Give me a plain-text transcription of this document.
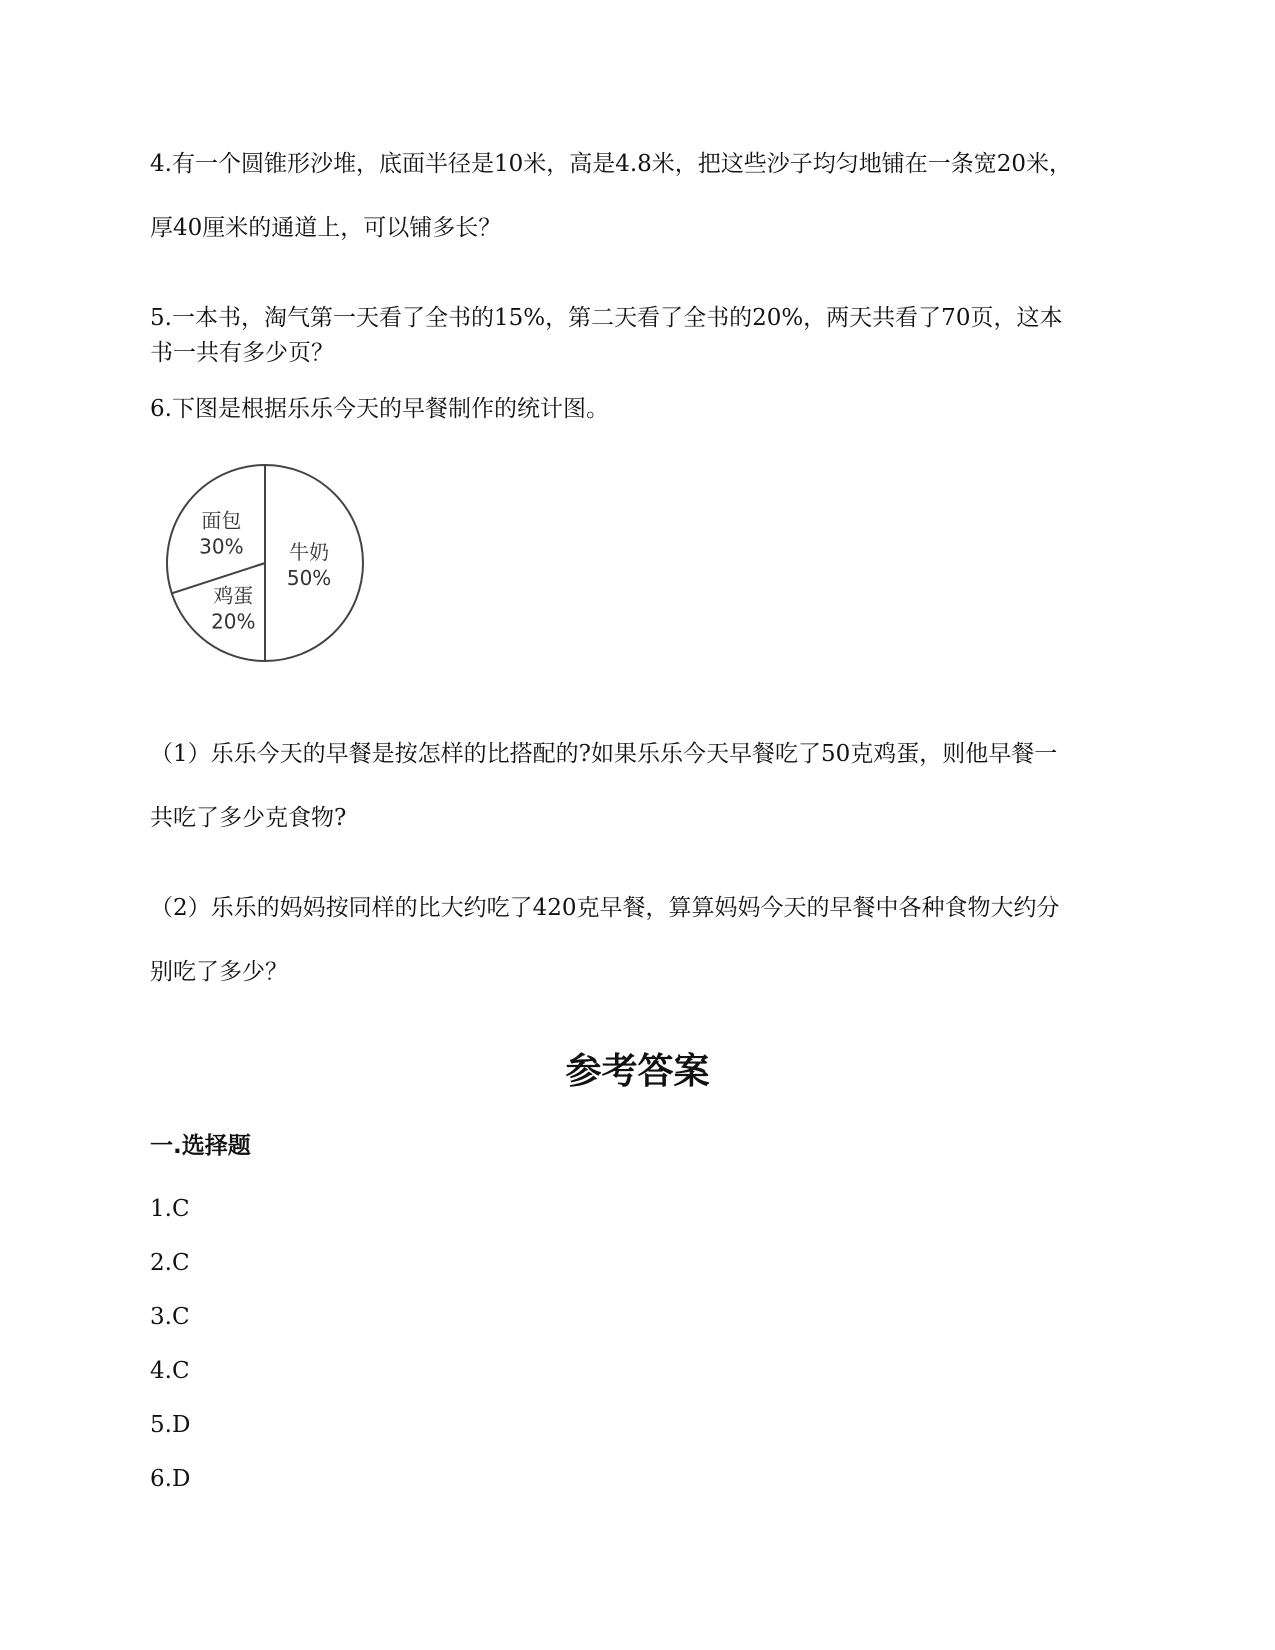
4.有一个圆锥形沙堆，底面半径是10米，高是4.8米，把这些沙子均匀地铺在一条宽20米，

厚40厘米的通道上，可以铺多长？

5.一本书，淘气第一天看了全书的15%，第二天看了全书的20%，两天共看了70页，这本

书一共有多少页？

6.下图是根据乐乐今天的早餐制作的统计图。

牛奶
50%
鸡蛋
20%
面包
30%

（1）乐乐今天的早餐是按怎样的比搭配的?如果乐乐今天早餐吃了50克鸡蛋，则他早餐一

共吃了多少克食物?

（2）乐乐的妈妈按同样的比大约吃了420克早餐，算算妈妈今天的早餐中各种食物大约分

别吃了多少？

参考答案
一.选择题

1.C

2.C

3.C

4.C

5.D

6.D
